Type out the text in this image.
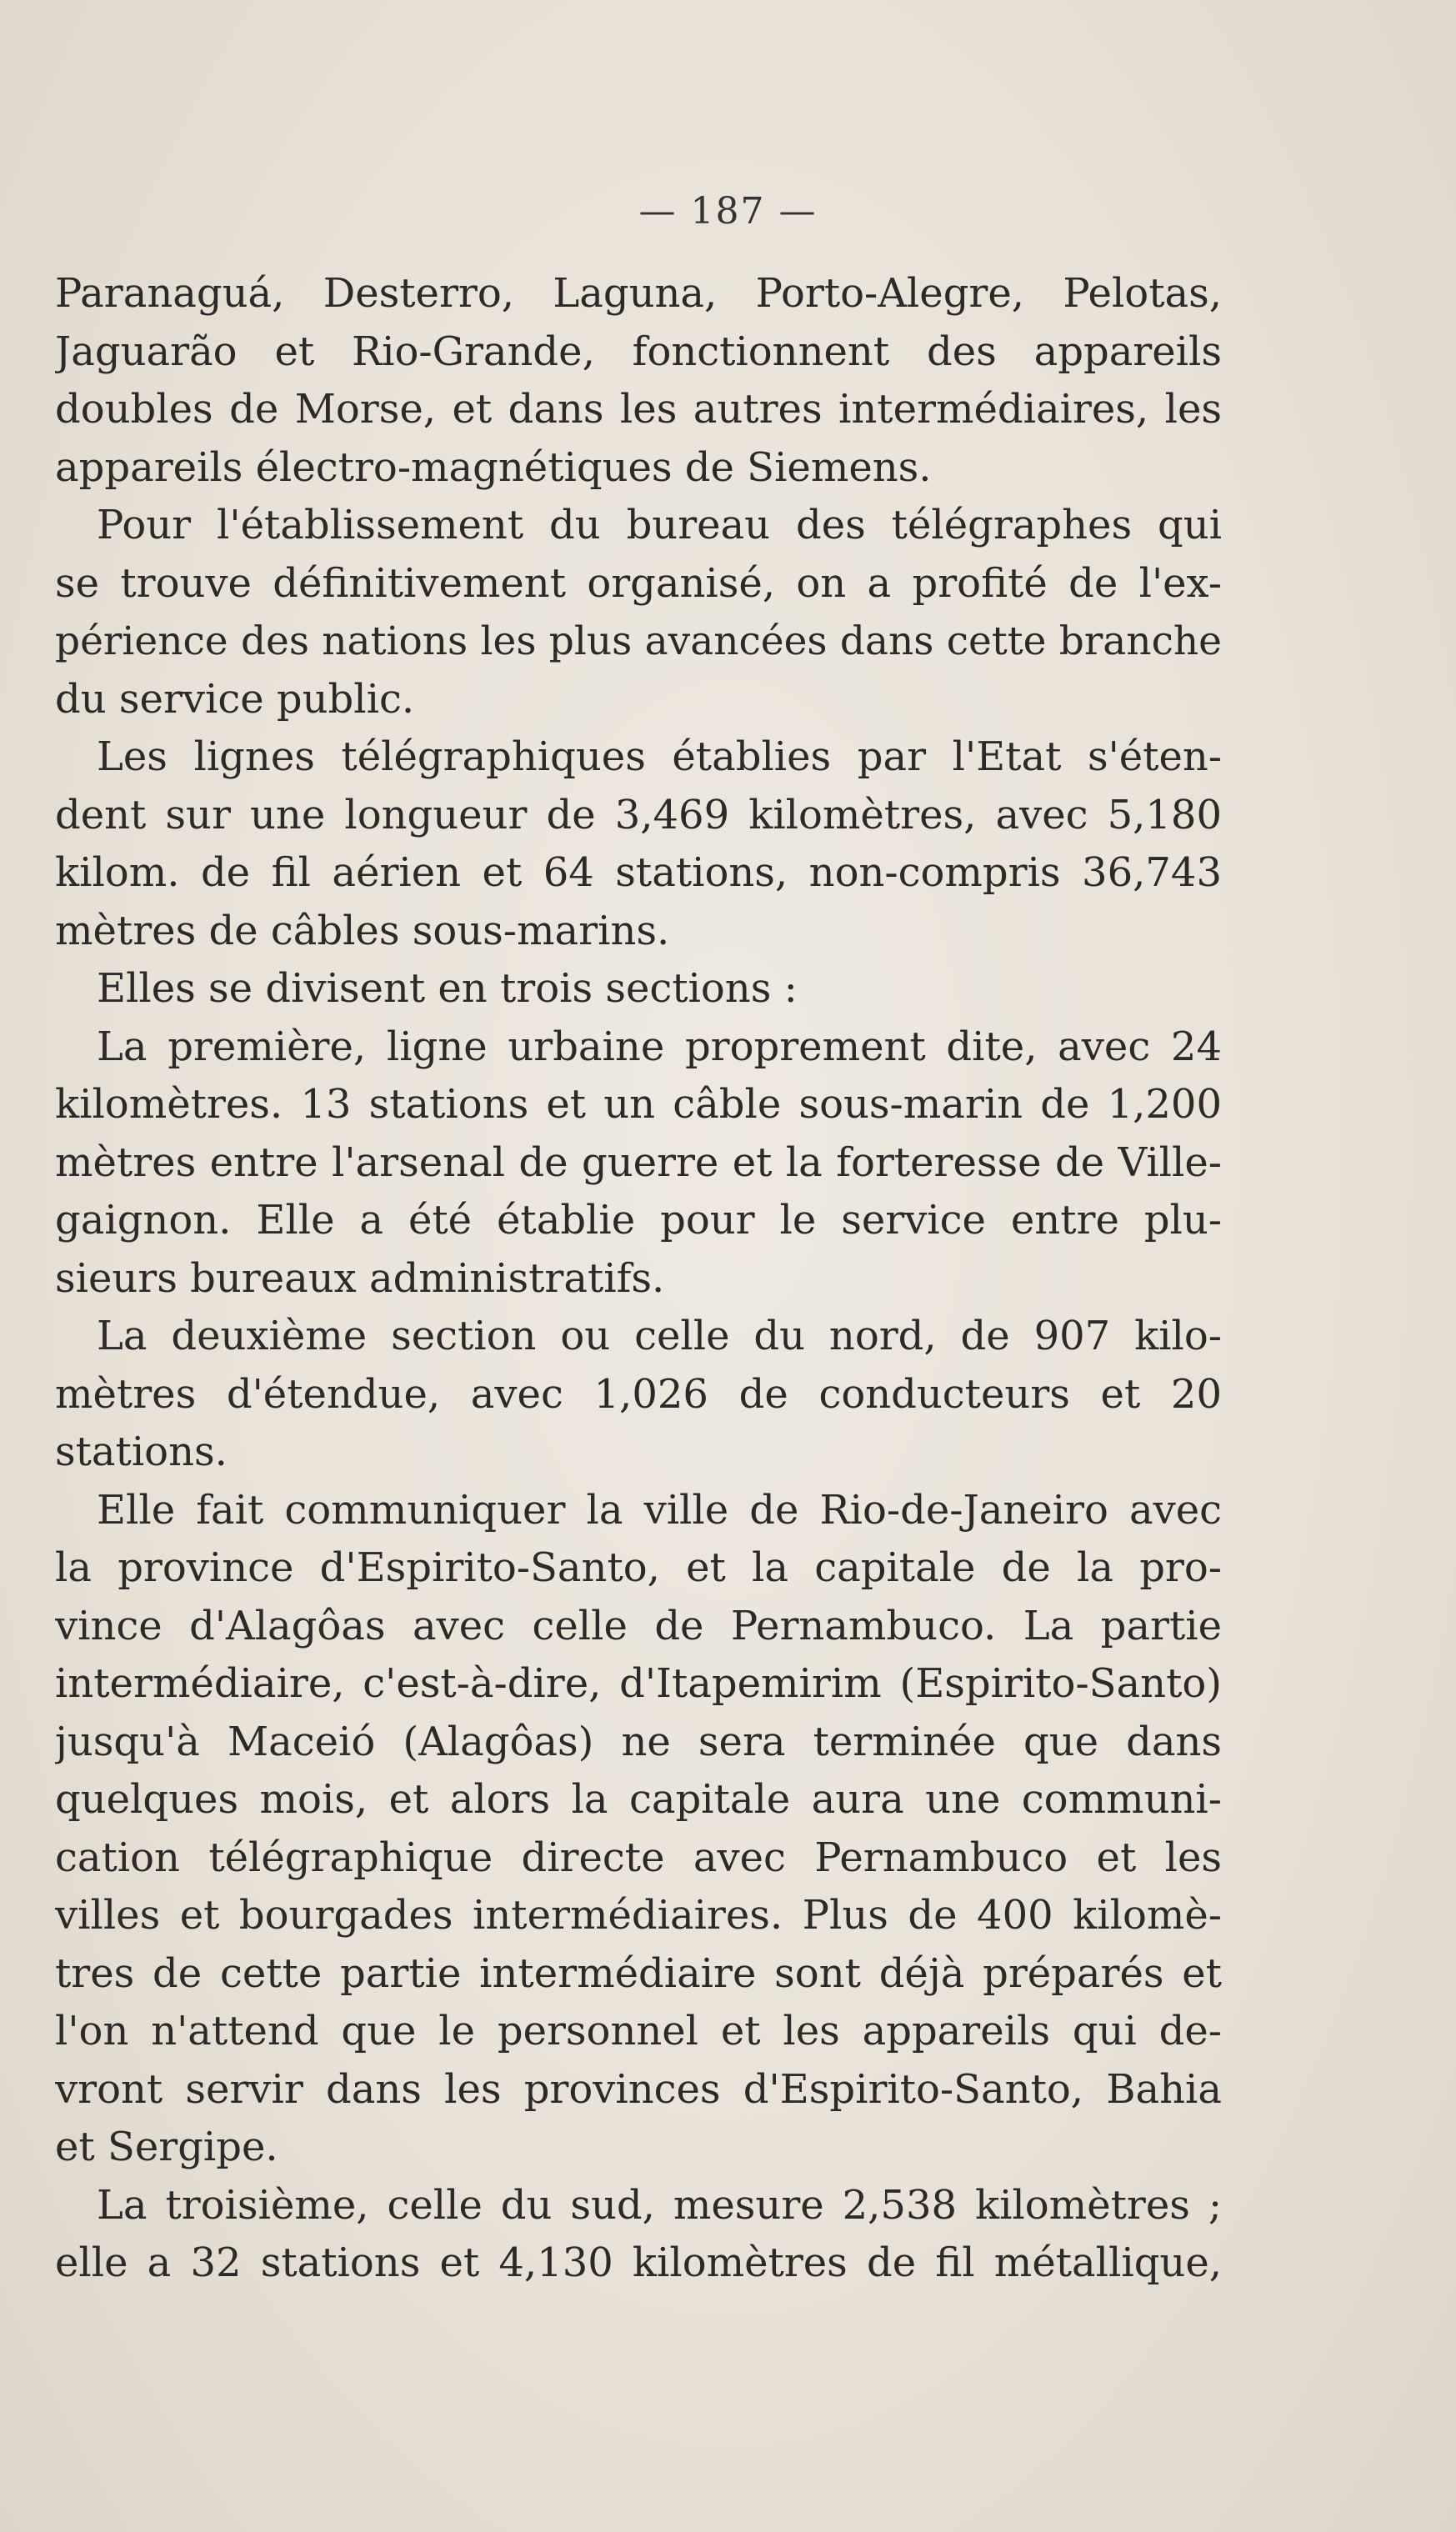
— 187 —
Paranaguá, Desterro, Laguna, Porto-Alegre, Pelotas,
Jaguarão et Rio-Grande, fonctionnent des appareils
doubles de Morse, et dans les autres intermédiaires, les
appareils électro-magnétiques de Siemens.
Pour l'établissement du bureau des télégraphes qui
se trouve définitivement organisé, on a profité de l'ex-
périence des nations les plus avancées dans cette branche
du service public.
Les lignes télégraphiques établies par l'Etat s'éten-
dent sur une longueur de 3,469 kilomètres, avec 5,180
kilom. de fil aérien et 64 stations, non-compris 36,743
mètres de câbles sous-marins.
Elles se divisent en trois sections :
La première, ligne urbaine proprement dite, avec 24
kilomètres. 13 stations et un câble sous-marin de 1,200
mètres entre l'arsenal de guerre et la forteresse de Ville-
gaignon. Elle a été établie pour le service entre plu-
sieurs bureaux administratifs.
La deuxième section ou celle du nord, de 907 kilo-
mètres d'étendue, avec 1,026 de conducteurs et 20
stations.
Elle fait communiquer la ville de Rio-de-Janeiro avec
la province d'Espirito-Santo, et la capitale de la pro-
vince d'Alagôas avec celle de Pernambuco. La partie
intermédiaire, c'est-à-dire, d'Itapemirim (Espirito-Santo)
jusqu'à Maceió (Alagôas) ne sera terminée que dans
quelques mois, et alors la capitale aura une communi-
cation télégraphique directe avec Pernambuco et les
villes et bourgades intermédiaires. Plus de 400 kilomè-
tres de cette partie intermédiaire sont déjà préparés et
l'on n'attend que le personnel et les appareils qui de-
vront servir dans les provinces d'Espirito-Santo, Bahia
et Sergipe.
La troisième, celle du sud, mesure 2,538 kilomètres ;
elle a 32 stations et 4,130 kilomètres de fil métallique,
